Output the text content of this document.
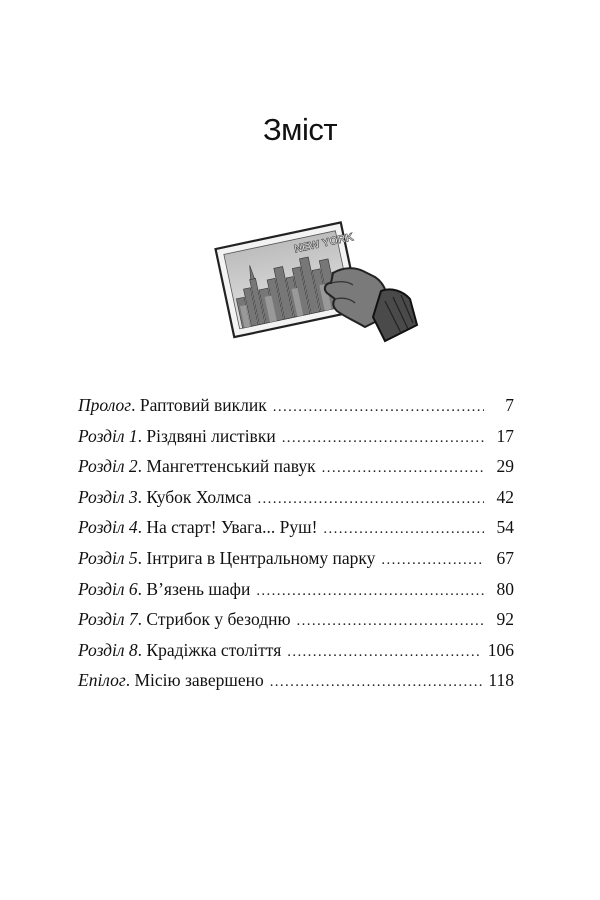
Зміст
NEW YORK
Пролог . Раптовий виклик . . .	7
Розділ 1 . Різдвяні листівки . . .	17
Розділ 2 . Мангеттенський павук . . .	29
Розділ 3 . Кубок Холмса . . .	42
Розділ 4 . На старт! Увага... Руш! . . .	54
Розділ 5 . Інтрига в Центральному парку . . .	67
Розділ 6 . В’язень шафи . . .	80
Розділ 7 . Стрибок у безодню . . .	92
Розділ 8 . Крадіжка століття . . .	106
Епілог . Місію завершено . . .	118
